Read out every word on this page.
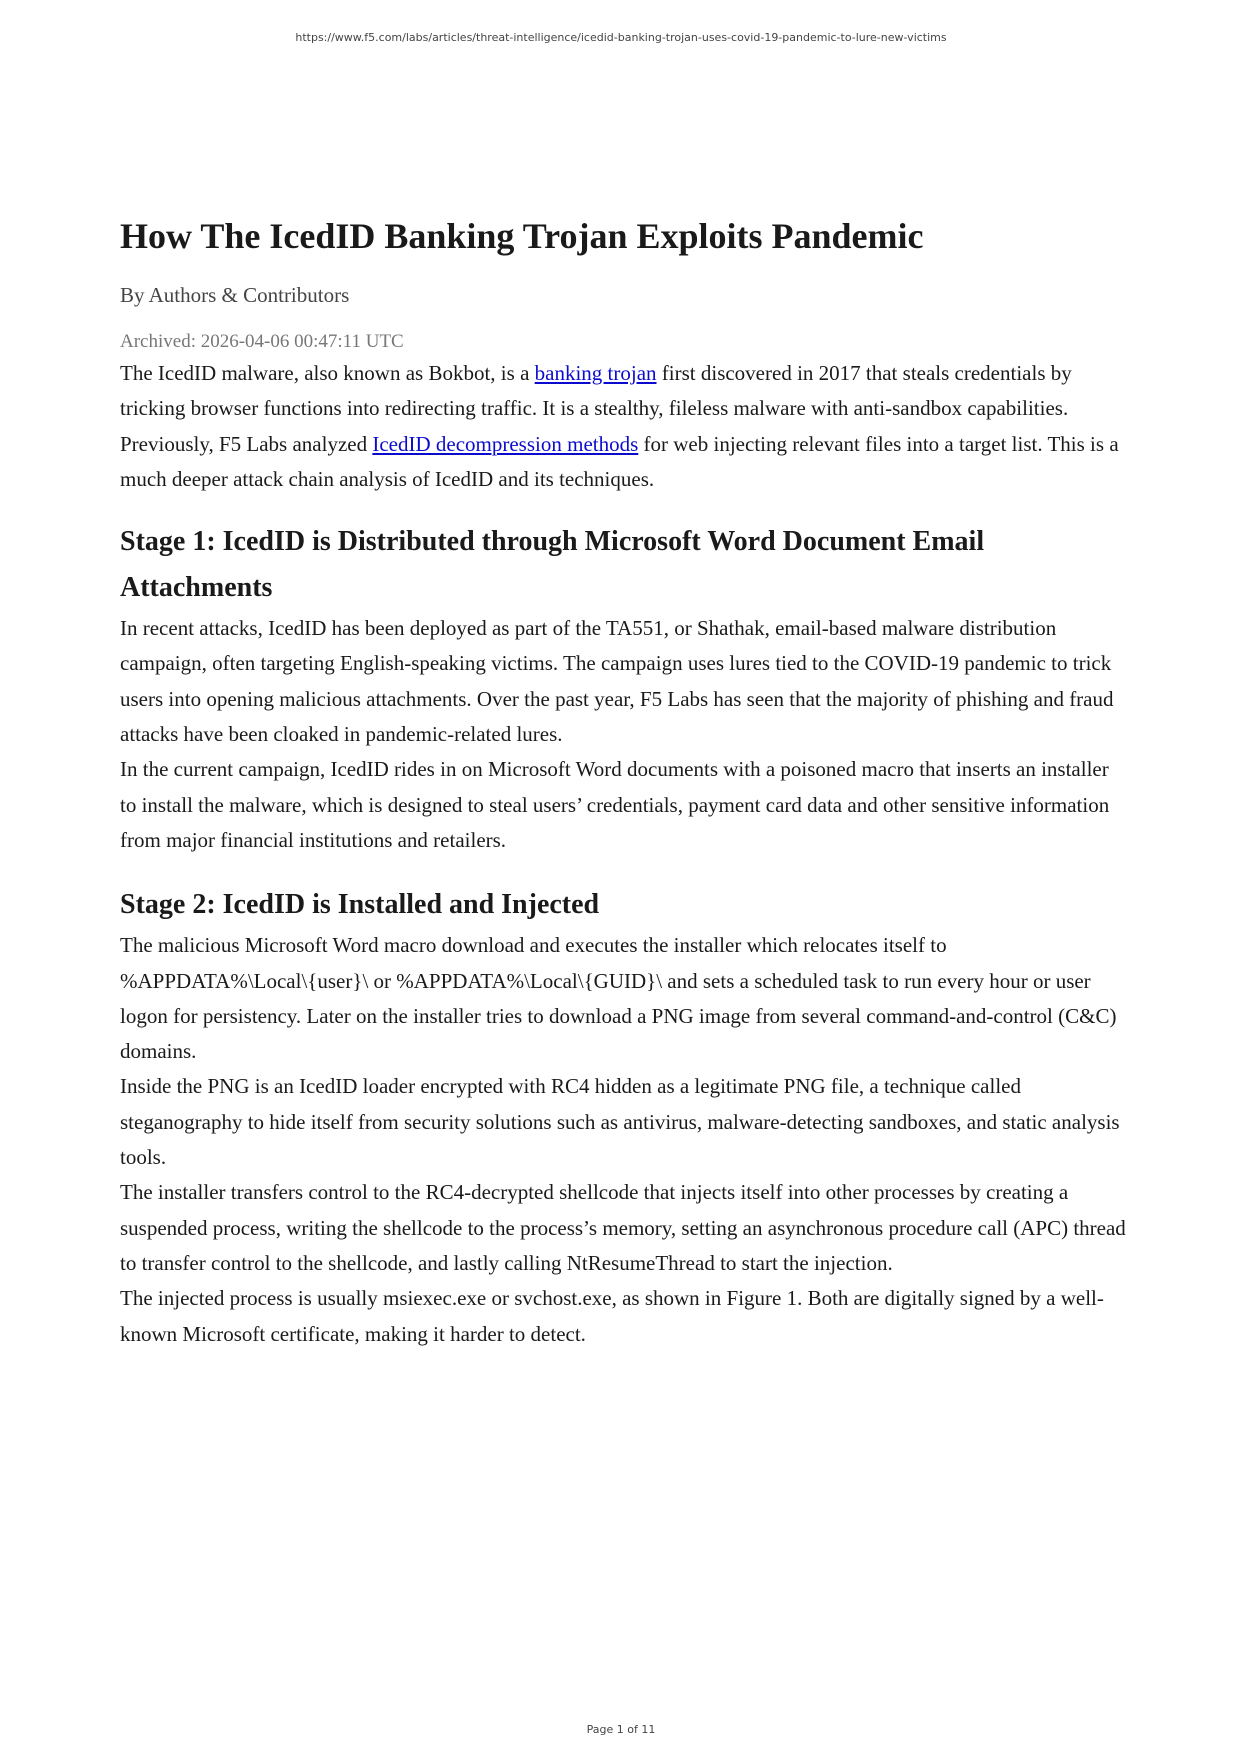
https://www.f5.com/labs/articles/threat-intelligence/icedid-banking-trojan-uses-covid-19-pandemic-to-lure-new-victims
How The IcedID Banking Trojan Exploits Pandemic
By Authors & Contributors
Archived: 2026-04-06 00:47:11 UTC

The IcedID malware, also known as Bokbot, is a banking trojan first discovered in 2017 that steals credentials by tricking browser functions into redirecting traffic. It is a stealthy, fileless malware with anti-sandbox capabilities. Previously, F5 Labs analyzed IcedID decompression methods for web injecting relevant files into a target list. This is a much deeper attack chain analysis of IcedID and its techniques.

Stage 1: IcedID is Distributed through Microsoft Word Document Email Attachments

In recent attacks, IcedID has been deployed as part of the TA551, or Shathak, email-based malware distribution campaign, often targeting English-speaking victims. The campaign uses lures tied to the COVID-19 pandemic to trick users into opening malicious attachments. Over the past year, F5 Labs has seen that the majority of phishing and fraud attacks have been cloaked in pandemic-related lures.

In the current campaign, IcedID rides in on Microsoft Word documents with a poisoned macro that inserts an installer to install the malware, which is designed to steal users’ credentials, payment card data and other sensitive information from major financial institutions and retailers.

Stage 2: IcedID is Installed and Injected

The malicious Microsoft Word macro download and executes the installer which relocates itself to %APPDATA%\Local\{user}\ or %APPDATA%\Local\{GUID}\ and sets a scheduled task to run every hour or user logon for persistency. Later on the installer tries to download a PNG image from several command-and-control (C&C) domains.

Inside the PNG is an IcedID loader encrypted with RC4 hidden as a legitimate PNG file, a technique called steganography to hide itself from security solutions such as antivirus, malware-detecting sandboxes, and static analysis tools.

The installer transfers control to the RC4-decrypted shellcode that injects itself into other processes by creating a suspended process, writing the shellcode to the process’s memory, setting an asynchronous procedure call (APC) thread to transfer control to the shellcode, and lastly calling NtResumeThread to start the injection.

The injected process is usually msiexec.exe or svchost.exe, as shown in Figure 1. Both are digitally signed by a well-known Microsoft certificate, making it harder to detect.

Page 1 of 11
